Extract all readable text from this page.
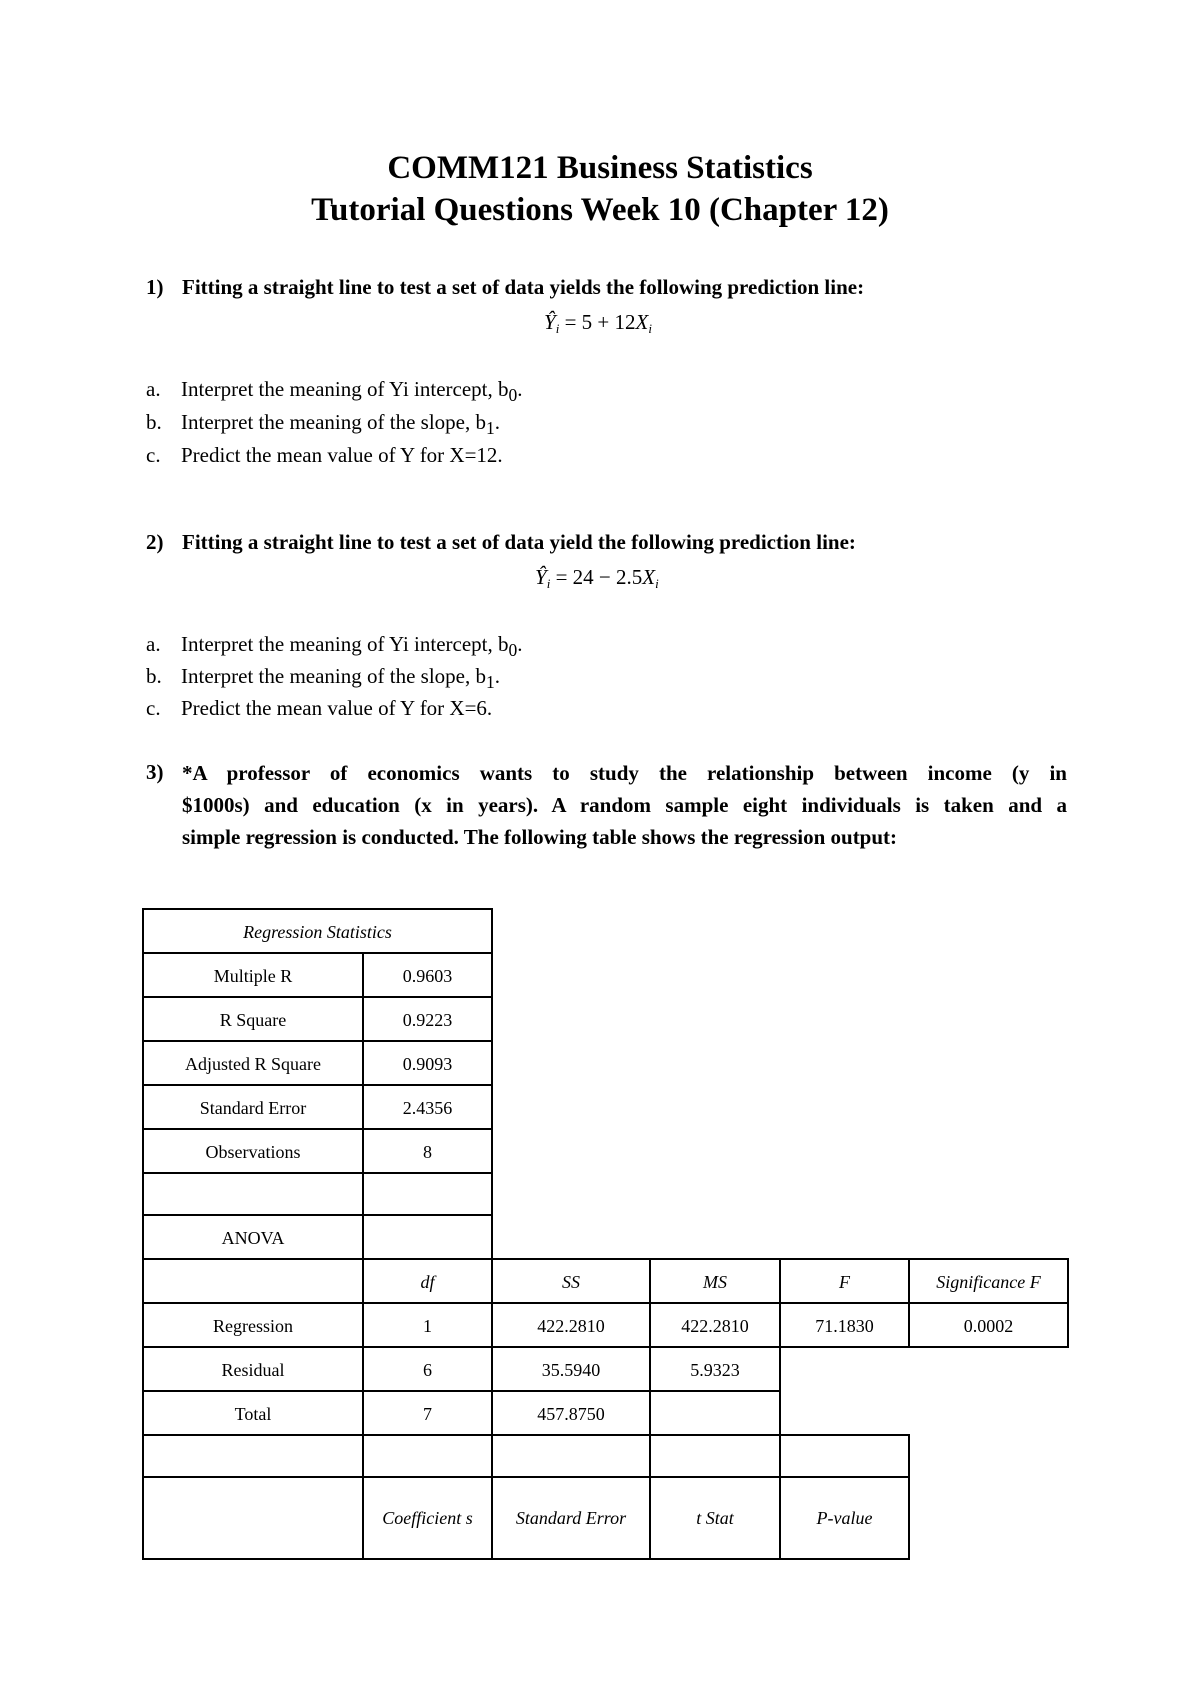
COMM121 Business Statistics
Tutorial Questions Week 10 (Chapter 12)
1) Fitting a straight line to test a set of data yields the following prediction line:
$Ŷ_i = 5 + 12X_i$
a. Interpret the meaning of Yi intercept, $b_0$.
b. Interpret the meaning of the slope, $b_1$.
c. Predict the mean value of Y for X=12.
2) Fitting a straight line to test a set of data yield the following prediction line:
$Ŷ_i = 24 - 2.5X_i$
a. Interpret the meaning of Yi intercept, $b_0$.
b. Interpret the meaning of the slope, $b_1$.
c. Predict the mean value of Y for X=6.
3) *A professor of economics wants to study the relationship between income (y in
$1000s) and education (x in years). A random sample eight individuals is taken and a
simple regression is conducted. The following table shows the regression output:
Regression Statistics					
Multiple R	0.9603				
R Square	0.9223				
Adjusted R Square	0.9093				
Standard Error	2.4356				
Observations	8				

ANOVA					
	df	SS	MS	F	Significance F
Regression	1	422.2810	422.2810	71.1830	0.0002
Residual	6	35.5940	5.9323		
Total	7	457.8750			

	Coefficient s	Standard Error	t Stat	P-value	
